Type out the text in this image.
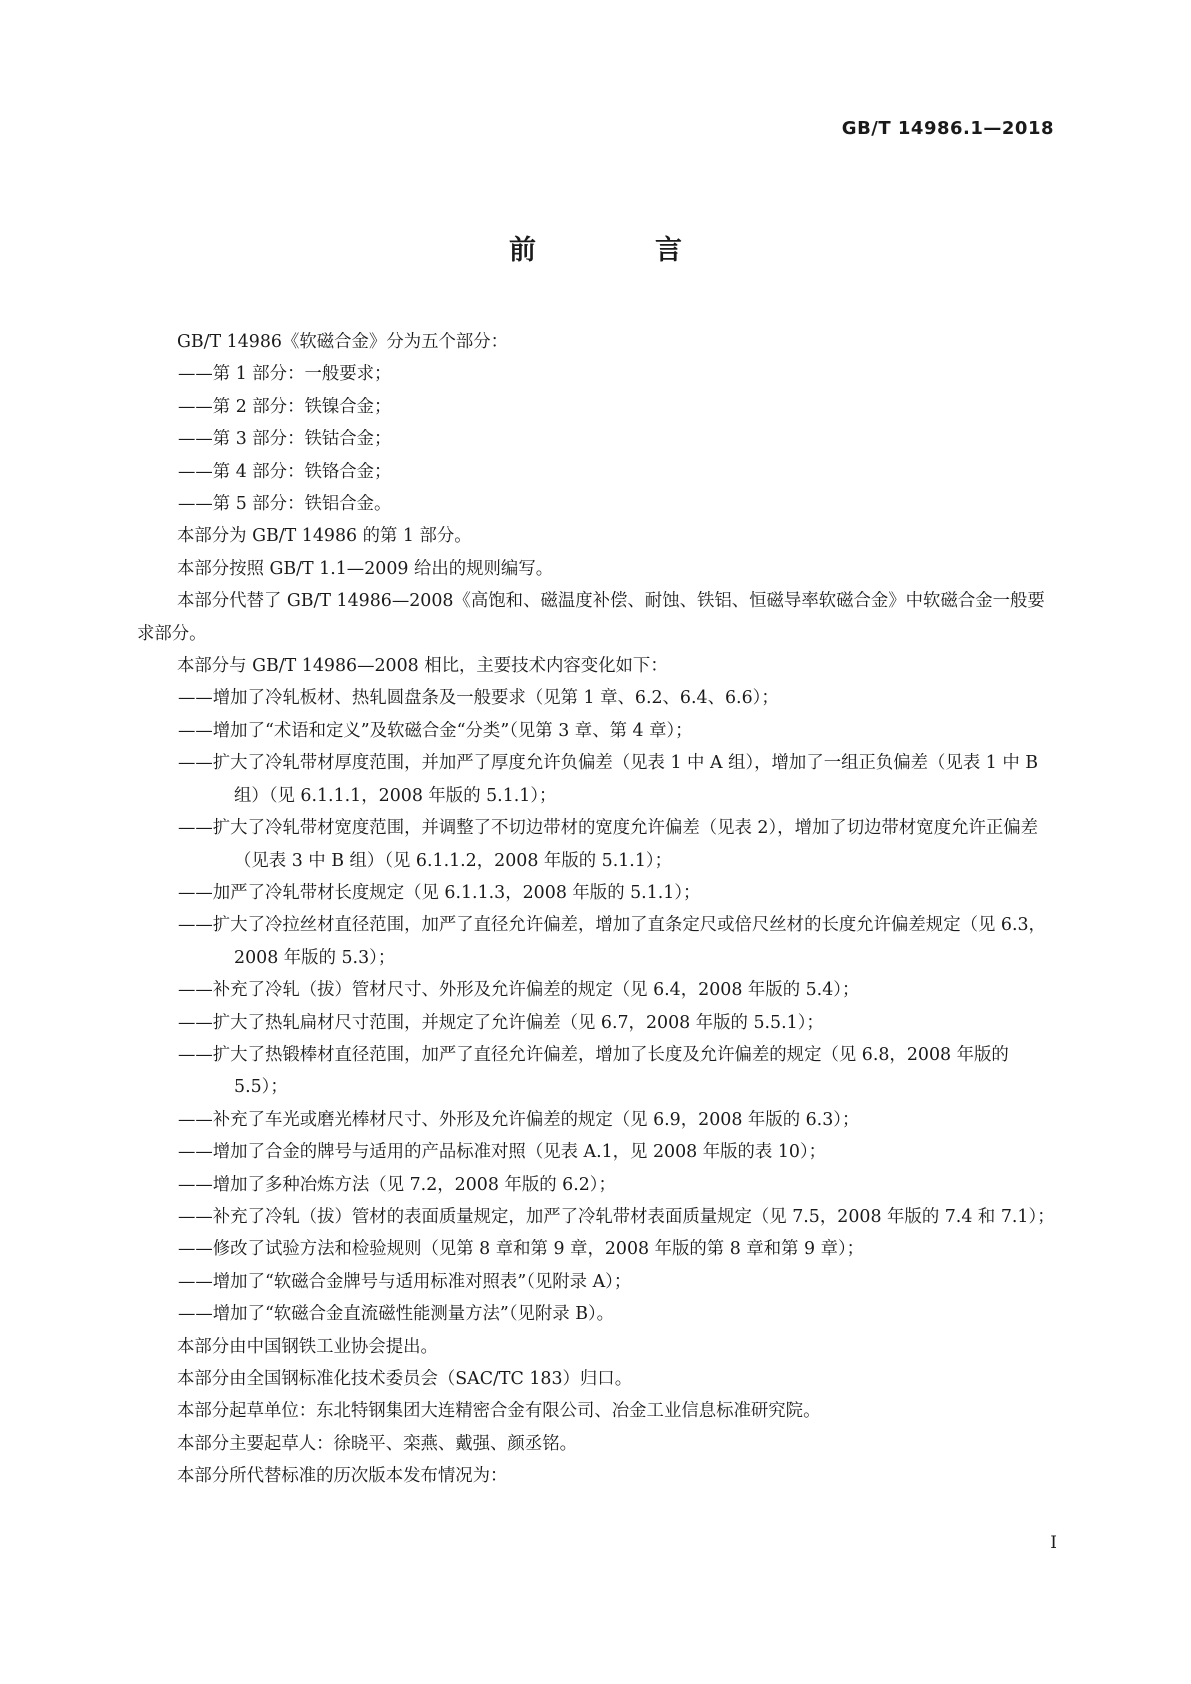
GB/T 14986.1—2018
前　言

GB/T 14986《软磁合金》分为五个部分：

——第 1 部分：一般要求；

——第 2 部分：铁镍合金；

——第 3 部分：铁钴合金；

——第 4 部分：铁铬合金；

——第 5 部分：铁铝合金。

本部分为 GB/T 14986 的第 1 部分。

本部分按照 GB/T 1.1—2009 给出的规则编写。

本部分代替了 GB/T 14986—2008《高饱和、磁温度补偿、耐蚀、铁铝、恒磁导率软磁合金》中软磁合金一般要求部分。

本部分与 GB/T 14986—2008 相比，主要技术内容变化如下：

——增加了冷轧板材、热轧圆盘条及一般要求（见第 1 章、6.2、6.4、6.6）；

——增加了“术语和定义”及软磁合金“分类”（见第 3 章、第 4 章）；

——扩大了冷轧带材厚度范围，并加严了厚度允许负偏差（见表 1 中 A 组），增加了一组正负偏差（见表 1 中 B 组）（见 6.1.1.1，2008 年版的 5.1.1）；

——扩大了冷轧带材宽度范围，并调整了不切边带材的宽度允许偏差（见表 2），增加了切边带材宽度允许正偏差（见表 3 中 B 组）（见 6.1.1.2，2008 年版的 5.1.1）；

——加严了冷轧带材长度规定（见 6.1.1.3，2008 年版的 5.1.1）；

——扩大了冷拉丝材直径范围，加严了直径允许偏差，增加了直条定尺或倍尺丝材的长度允许偏差规定（见 6.3，2008 年版的 5.3）；

——补充了冷轧（拔）管材尺寸、外形及允许偏差的规定（见 6.4，2008 年版的 5.4）；

——扩大了热轧扁材尺寸范围，并规定了允许偏差（见 6.7，2008 年版的 5.5.1）；

——扩大了热锻棒材直径范围，加严了直径允许偏差，增加了长度及允许偏差的规定（见 6.8，2008 年版的 5.5）；

——补充了车光或磨光棒材尺寸、外形及允许偏差的规定（见 6.9，2008 年版的 6.3）；

——增加了合金的牌号与适用的产品标准对照（见表 A.1，见 2008 年版的表 10）；

——增加了多种冶炼方法（见 7.2，2008 年版的 6.2）；

——补充了冷轧（拔）管材的表面质量规定，加严了冷轧带材表面质量规定（见 7.5，2008 年版的 7.4 和 7.1）；

——修改了试验方法和检验规则（见第 8 章和第 9 章，2008 年版的第 8 章和第 9 章）；

——增加了“软磁合金牌号与适用标准对照表”（见附录 A）；

——增加了“软磁合金直流磁性能测量方法”（见附录 B）。

本部分由中国钢铁工业协会提出。

本部分由全国钢标准化技术委员会（SAC/TC 183）归口。

本部分起草单位：东北特钢集团大连精密合金有限公司、冶金工业信息标准研究院。

本部分主要起草人：徐晓平、栾燕、戴强、颜丞铭。

本部分所代替标准的历次版本发布情况为：

I
